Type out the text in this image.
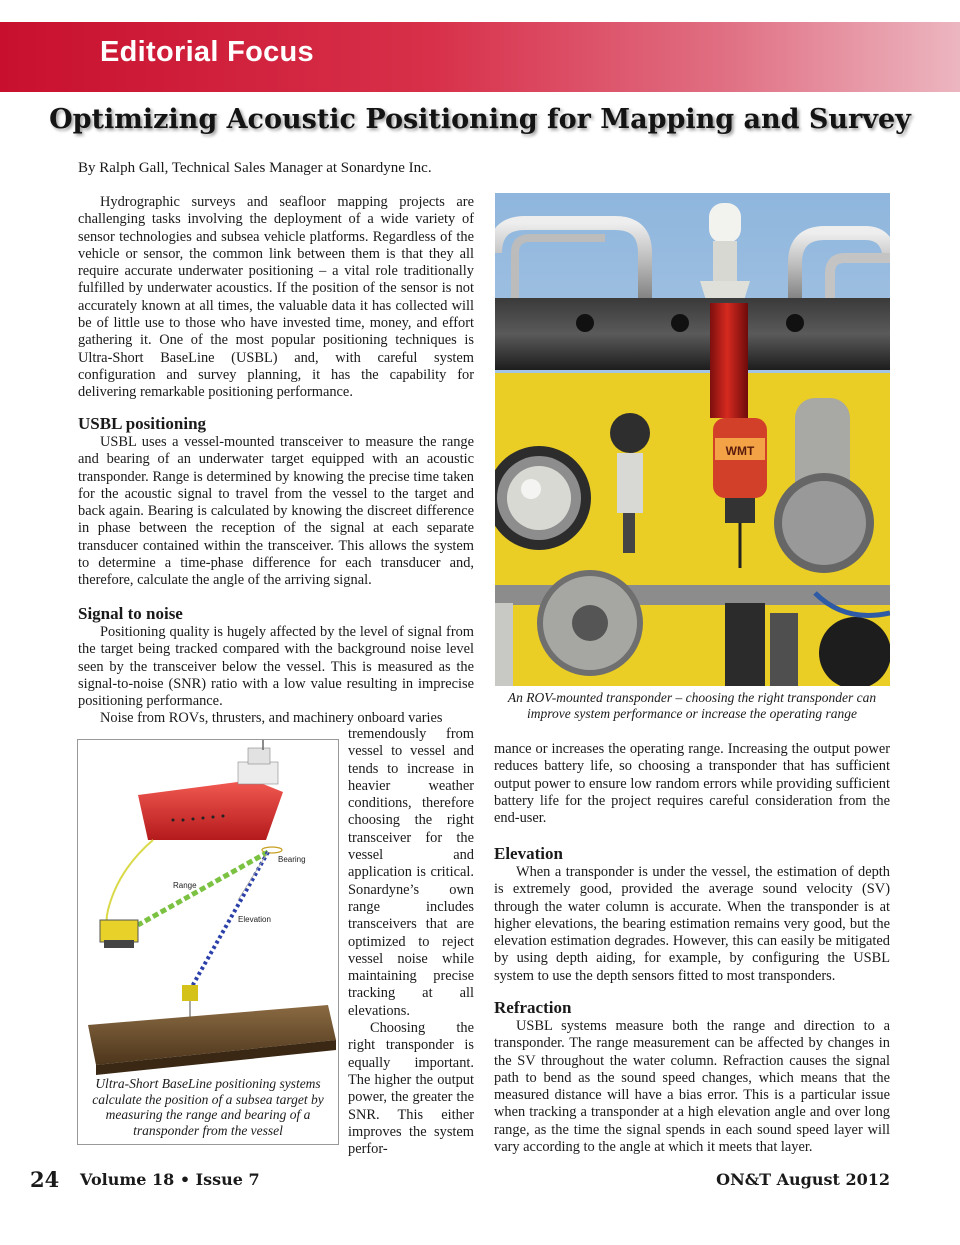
Editorial Focus
Optimizing Acoustic Positioning for Mapping and Survey
By Ralph Gall, Technical Sales Manager at Sonardyne Inc.

Hydrographic surveys and seafloor mapping projects are challenging tasks involving the deployment of a wide variety of sensor technologies and subsea vehicle platforms. Regardless of the vehicle or sensor, the common link between them is that they all require accurate underwater positioning – a vital role traditionally fulfilled by underwater acoustics. If the position of the sensor is not accurately known at all times, the valuable data it has collected will be of little use to those who have invested time, money, and effort gathering it. One of the most popular positioning techniques is Ultra-Short BaseLine (USBL) and, with careful system configuration and survey planning, it has the capability for delivering remarkable positioning performance.

USBL positioning

USBL uses a vessel-mounted transceiver to measure the range and bearing of an underwater target equipped with an acoustic transponder. Range is determined by knowing the precise time taken for the acoustic signal to travel from the vessel to the target and back again. Bearing is calculated by knowing the discreet difference in phase between the reception of the signal at each separate transducer contained within the transceiver. This allows the system to determine a time-phase difference for each transducer and, therefore, calculate the angle of the arriving signal.

Signal to noise

Positioning quality is hugely affected by the level of signal from the target being tracked compared with the background noise level seen by the transceiver below the vessel. This is measured as the signal-to-noise (SNR) ratio with a low value resulting in imprecise positioning performance.

Noise from ROVs, thrusters, and machinery onboard varies

tremendously from vessel to vessel and tends to increase in heavier weather conditions, therefore choosing the right transceiver for the vessel and application is critical. Sonardyne’s own range includes transceivers that are optimized to reject vessel noise while maintaining precise tracking at all elevations.

Choosing the right transponder is equally important. The higher the output power, the greater the SNR. This either improves the system perfor-

WMT
An ROV-mounted transponder – choosing the right transponder can improve system performance or increase the operating range
Bearing
Range
Elevation
Ultra-Short BaseLine positioning systems calculate the position of a subsea target by measuring the range and bearing of a transponder from the vessel

mance or increases the operating range. Increasing the output power reduces battery life, so choosing a transponder that has sufficient output power to ensure low random errors while providing sufficient battery life for the project requires careful consideration from the end-user.

Elevation

When a transponder is under the vessel, the estimation of depth is extremely good, provided the average sound velocity (SV) through the water column is accurate. When the transponder is at higher elevations, the bearing estimation remains very good, but the elevation estimation degrades. However, this can easily be mitigated by using depth aiding, for example, by configuring the USBL system to use the depth sensors fitted to most transponders.

Refraction

USBL systems measure both the range and direction to a transponder. The range measurement can be affected by changes in the SV throughout the water column. Refraction causes the signal path to bend as the sound speed changes, which means that the measured distance will have a bias error. This is a particular issue when tracking a transponder at a high elevation angle and over long range, as the time the signal spends in each sound speed layer will vary according to the angle at which it meets that layer.

24 Volume 18 • Issue 7	ON&T August 2012
